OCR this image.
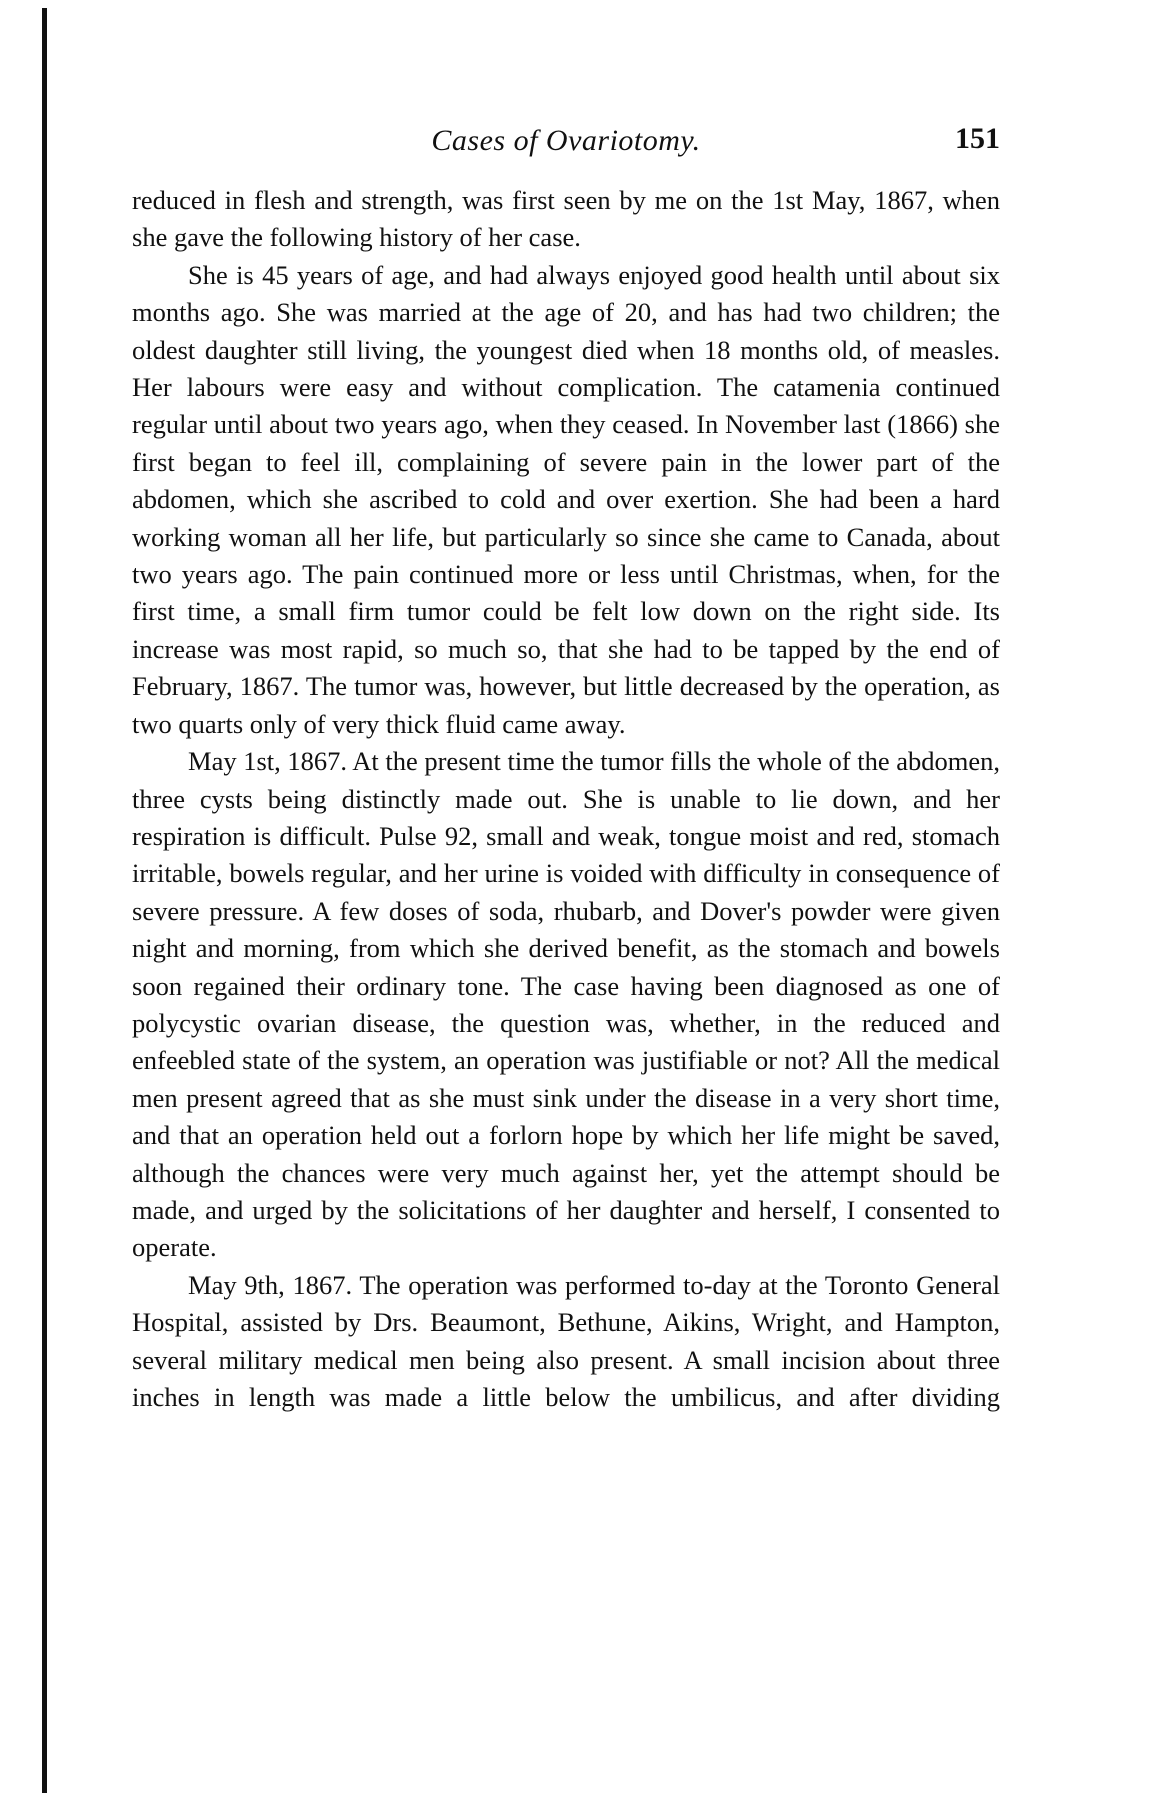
Cases of Ovariotomy.	151

reduced in flesh and strength, was first seen by me on the 1st May, 1867, when she gave the following history of her case.

She is 45 years of age, and had always enjoyed good health until about six months ago. She was married at the age of 20, and has had two children; the oldest daughter still living, the youngest died when 18 months old, of measles. Her labours were easy and without complication. The catamenia continued regular until about two years ago, when they ceased. In November last (1866) she first began to feel ill, complaining of severe pain in the lower part of the abdomen, which she ascribed to cold and over exertion. She had been a hard working woman all her life, but particularly so since she came to Canada, about two years ago. The pain continued more or less until Christmas, when, for the first time, a small firm tumor could be felt low down on the right side. Its increase was most rapid, so much so, that she had to be tapped by the end of February, 1867. The tumor was, however, but little decreased by the operation, as two quarts only of very thick fluid came away.

May 1st, 1867. At the present time the tumor fills the whole of the abdomen, three cysts being distinctly made out. She is unable to lie down, and her respiration is difficult. Pulse 92, small and weak, tongue moist and red, stomach irritable, bowels regular, and her urine is voided with difficulty in consequence of severe pressure. A few doses of soda, rhubarb, and Dover's powder were given night and morning, from which she derived benefit, as the stomach and bowels soon regained their ordinary tone. The case having been diagnosed as one of polycystic ovarian disease, the question was, whether, in the reduced and enfeebled state of the system, an operation was justifiable or not? All the medical men present agreed that as she must sink under the disease in a very short time, and that an operation held out a forlorn hope by which her life might be saved, although the chances were very much against her, yet the attempt should be made, and urged by the solicitations of her daughter and herself, I consented to operate.

May 9th, 1867. The operation was performed to-day at the Toronto General Hospital, assisted by Drs. Beaumont, Bethune, Aikins, Wright, and Hampton, several military medical men being also present. A small incision about three inches in length was made a little below the umbilicus, and after dividing
